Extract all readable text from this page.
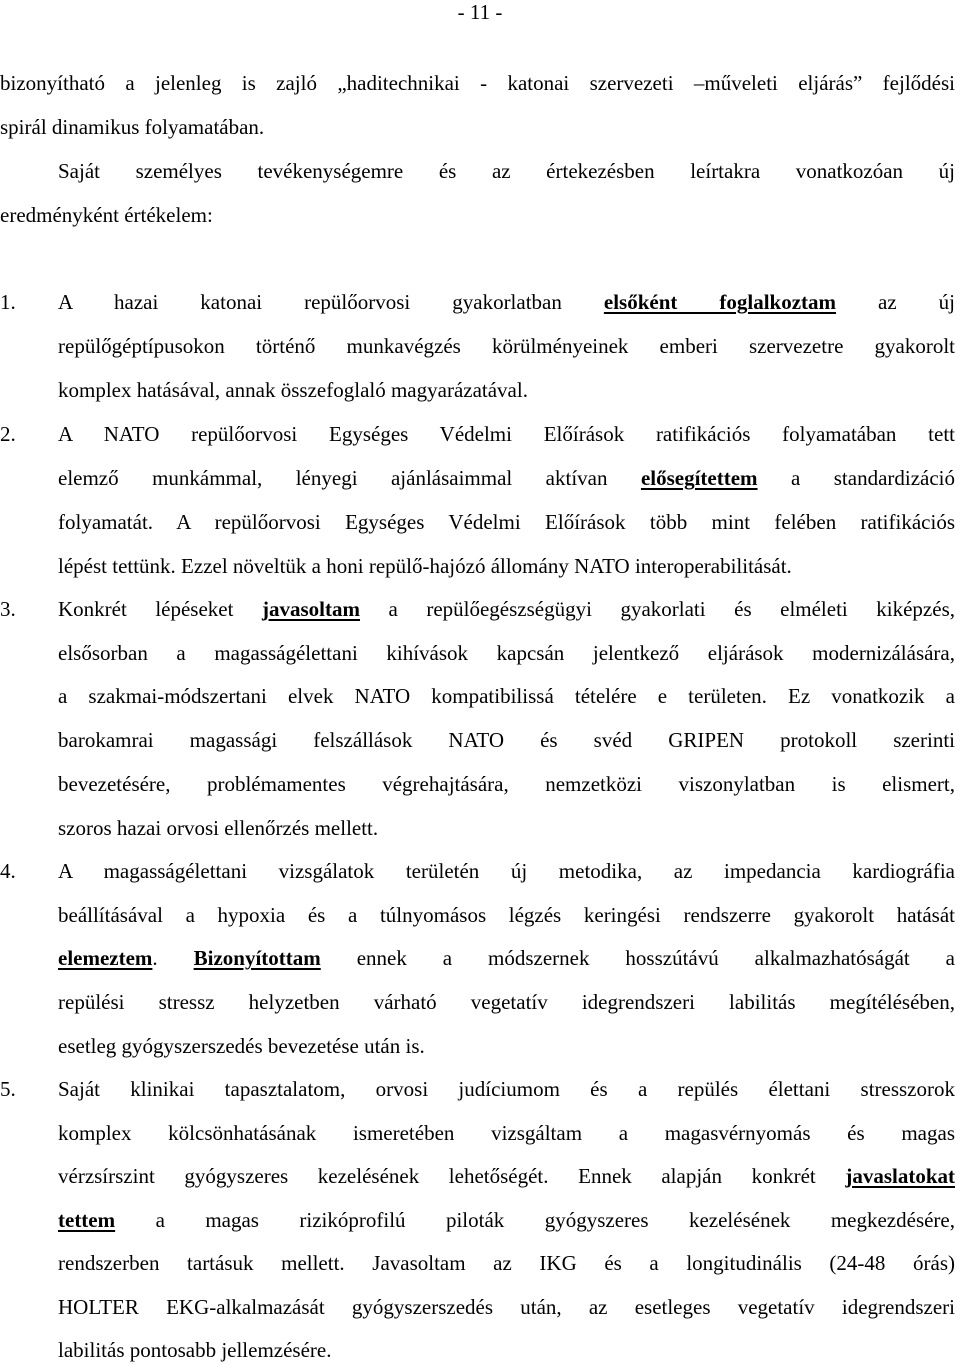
- 11 -
bizonyítható a jelenleg is zajló „haditechnikai - katonai szervezeti –műveleti eljárás” fejlődési
spirál dinamikus folyamatában.
Saját személyes tevékenységemre és az értekezésben leírtakra vonatkozóan új
eredményként értékelem:
1. A hazai katonai repülőorvosi gyakorlatban elsőként foglalkoztam az új
repülőgéptípusokon történő munkavégzés körülményeinek emberi szervezetre gyakorolt
komplex hatásával, annak összefoglaló magyarázatával.
2. A NATO repülőorvosi Egységes Védelmi Előírások ratifikációs folyamatában tett
elemző munkámmal, lényegi ajánlásaimmal aktívan elősegítettem a standardizáció
folyamatát. A repülőorvosi Egységes Védelmi Előírások több mint felében ratifikációs
lépést tettünk. Ezzel növeltük a honi repülő-hajózó állomány NATO interoperabilitását.
3. Konkrét lépéseket javasoltam a repülőegészségügyi gyakorlati és elméleti kiképzés,
elsősorban a magasságélettani kihívások kapcsán jelentkező eljárások modernizálására,
a szakmai-módszertani elvek NATO kompatibilissá tételére e területen. Ez vonatkozik a
barokamrai magassági felszállások NATO és svéd GRIPEN protokoll szerinti
bevezetésére, problémamentes végrehajtására, nemzetközi viszonylatban is elismert,
szoros hazai orvosi ellenőrzés mellett.
4. A magasságélettani vizsgálatok területén új metodika, az impedancia kardiográfia
beállításával a hypoxia és a túlnyomásos légzés keringési rendszerre gyakorolt hatását
elemeztem. Bizonyítottam ennek a módszernek hosszútávú alkalmazhatóságát a
repülési stressz helyzetben várható vegetatív idegrendszeri labilitás megítélésében,
esetleg gyógyszerszedés bevezetése után is.
5. Saját klinikai tapasztalatom, orvosi judíciumom és a repülés élettani stresszorok
komplex kölcsönhatásának ismeretében vizsgáltam a magasvérnyomás és magas
vérzsírszint gyógyszeres kezelésének lehetőségét. Ennek alapján konkrét javaslatokat
tettem a magas rizikóprofilú piloták gyógyszeres kezelésének megkezdésére,
rendszerben tartásuk mellett. Javasoltam az IKG és a longitudinális (24-48 órás)
HOLTER EKG-alkalmazását gyógyszerszedés után, az esetleges vegetatív idegrendszeri
labilitás pontosabb jellemzésére.
